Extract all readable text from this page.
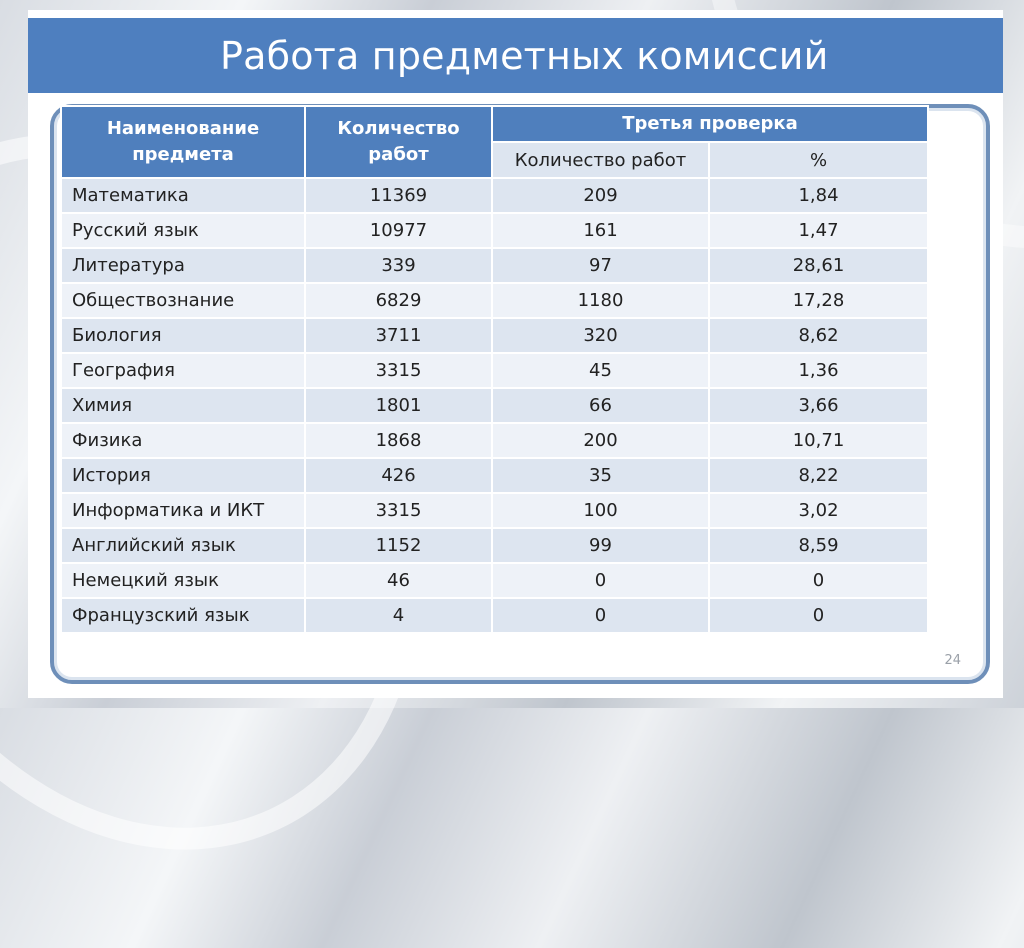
Работа предметных комиссий
24
Наименование предмета	Количество работ	Третья проверка	
		Количество работ	%
Математика	11369	209	1,84
Русский язык	10977	161	1,47
Литература	339	97	28,61
Обществознание	6829	1180	17,28
Биология	3711	320	8,62
География	3315	45	1,36
Химия	1801	66	3,66
Физика	1868	200	10,71
История	426	35	8,22
Информатика и ИКТ	3315	100	3,02
Английский язык	1152	99	8,59
Немецкий язык	46	0	0
Французский язык	4	0	0
